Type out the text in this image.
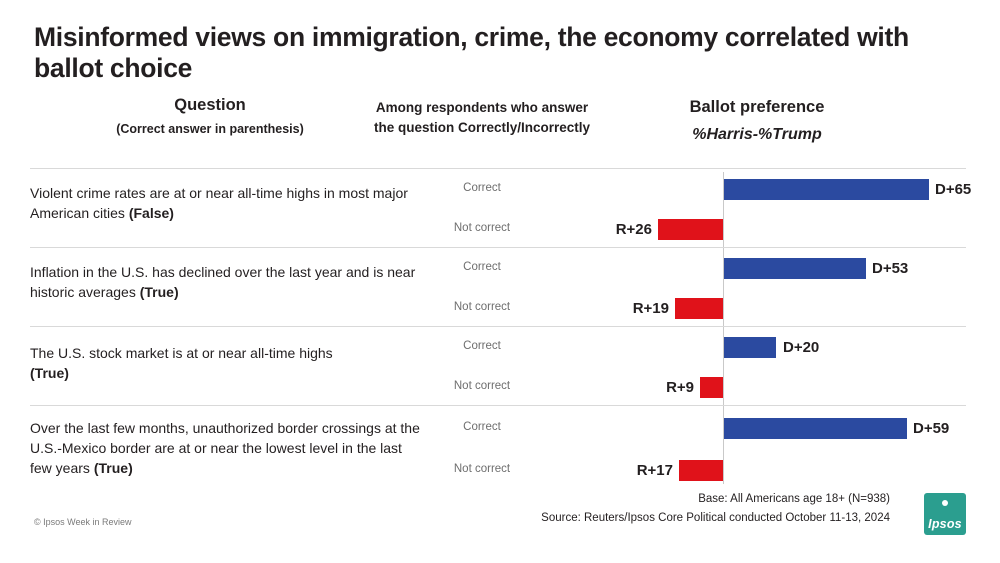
Misinformed views on immigration, crime, the economy correlated with ballot choice
Question
(Correct answer in parenthesis)
Among respondents who answer the question Correctly/Incorrectly
Ballot preference
%Harris-%Trump
Violent crime rates are at or near all-time highs in most major American cities (False)
Correct	D+65
Not correct	R+26
Inflation in the U.S. has declined over the last year and is near historic averages (True)
Correct	D+53
Not correct	R+19
The U.S. stock market is at or near all-time highs
(True)
Correct	D+20
Not correct	R+9
Over the last few months, unauthorized border crossings at the U.S.-Mexico border are at or near the lowest level in the last few years (True)
Correct	D+59
Not correct	R+17
Base: All Americans age 18+ (N=938)
Source: Reuters/Ipsos Core Political conducted October 11-13, 2024
© Ipsos Week in Review	Ipsos
